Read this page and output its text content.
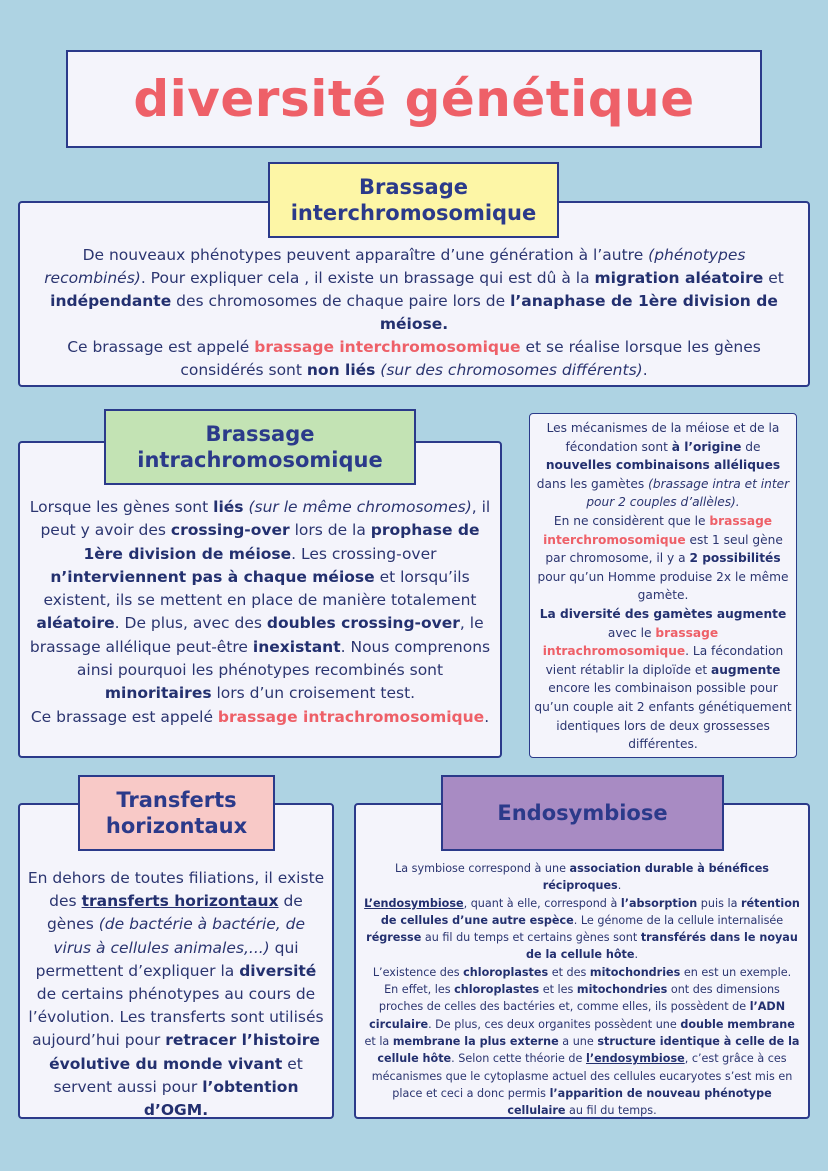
diversité génétique
Brassage
interchromosomique
De nouveaux phénotypes peuvent apparaître d’une génération à l’autre (phénotypes recombinés). Pour expliquer cela , il existe un brassage qui est dû à la migration aléatoire et indépendante des chromosomes de chaque paire lors de l’anaphase de 1ère division de méiose.
Ce brassage est appelé brassage interchromosomique et se réalise lorsque les gènes considérés sont non liés (sur des chromosomes différents).
Brassage
intrachromosomique
Lorsque les gènes sont liés (sur le même chromosomes), il peut y avoir des crossing-over lors de la prophase de 1ère division de méiose. Les crossing-over n’interviennent pas à chaque méiose et lorsqu’ils existent, ils se mettent en place de manière totalement aléatoire. De plus, avec des doubles crossing-over, le brassage allélique peut-être inexistant. Nous comprenons ainsi pourquoi les phénotypes recombinés sont minoritaires lors d’un croisement test.
Ce brassage est appelé brassage intrachromosomique.
Les mécanismes de la méiose et de la fécondation sont à l’origine de nouvelles combinaisons alléliques dans les gamètes (brassage intra et inter pour 2 couples d’allèles).
En ne considèrent que le brassage interchromosomique est 1 seul gène par chromosome, il y a 2 possibilités pour qu’un Homme produise 2x le même gamète.
La diversité des gamètes augmente avec le brassage intrachromosomique. La fécondation vient rétablir la diploïde et augmente encore les combinaison possible pour qu’un couple ait 2 enfants génétiquement identiques lors de deux grossesses différentes.
Transferts
horizontaux
En dehors de toutes filiations, il existe des transferts horizontaux de gènes (de bactérie à bactérie, de virus à cellules animales,...) qui permettent d’expliquer la diversité de certains phénotypes au cours de l’évolution. Les transferts sont utilisés aujourd’hui pour retracer l’histoire évolutive du monde vivant et servent aussi pour l’obtention d’OGM.
Endosymbiose
La symbiose correspond à une association durable à bénéfices réciproques.
L’endosymbiose, quant à elle, correspond à l’absorption puis la rétention de cellules d’une autre espèce. Le génome de la cellule internalisée régresse au fil du temps et certains gènes sont transférés dans le noyau de la cellule hôte.
L’existence des chloroplastes et des mitochondries en est un exemple.
En effet, les chloroplastes et les mitochondries ont des dimensions proches de celles des bactéries et, comme elles, ils possèdent de l’ADN circulaire. De plus, ces deux organites possèdent une double membrane et la membrane la plus externe a une structure identique à celle de la cellule hôte. Selon cette théorie de l’endosymbiose, c’est grâce à ces mécanismes que le cytoplasme actuel des cellules eucaryotes s’est mis en place et ceci a donc permis l’apparition de nouveau phénotype cellulaire au fil du temps.
